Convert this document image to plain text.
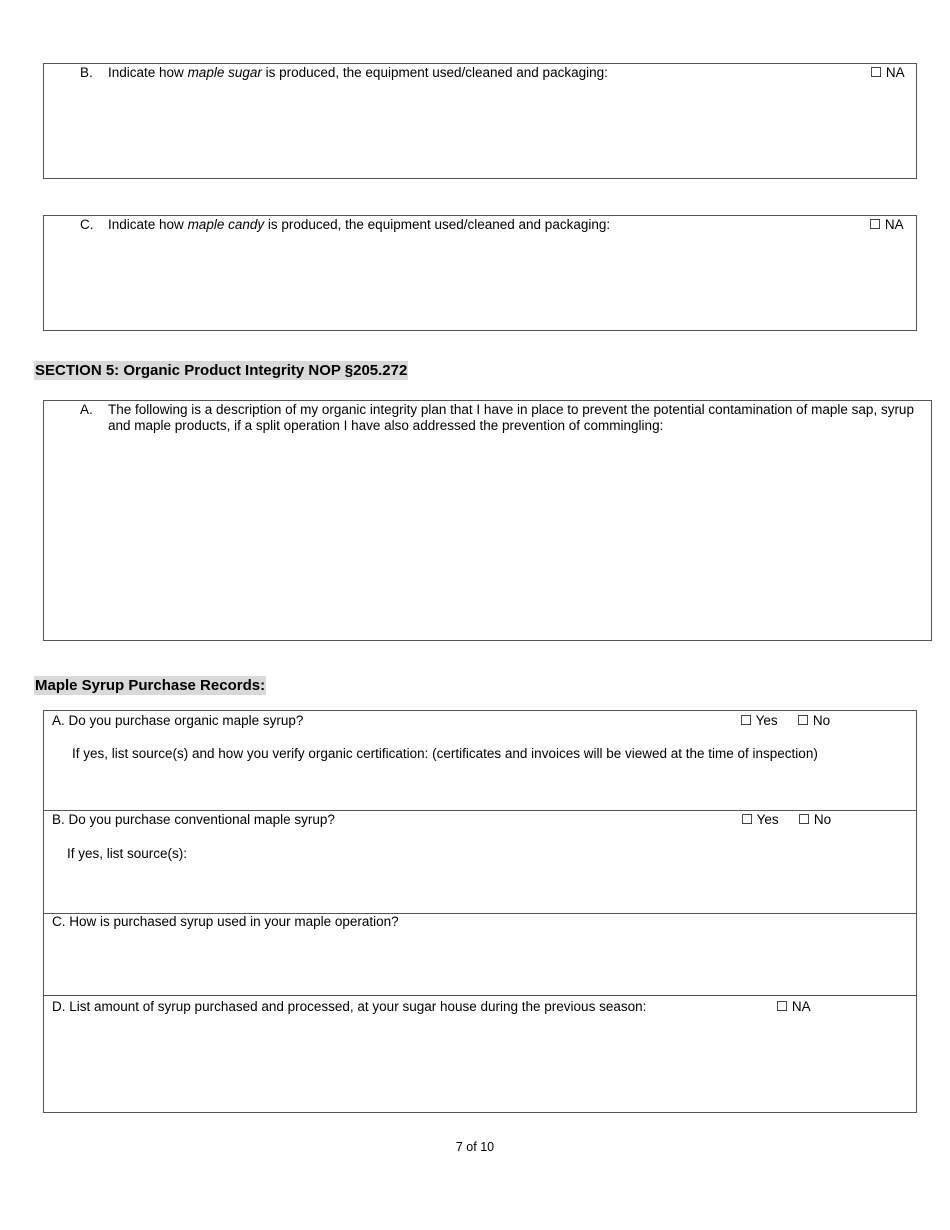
B. Indicate how maple sugar is produced, the equipment used/cleaned and packaging:	☐ NA
C. Indicate how maple candy is produced, the equipment used/cleaned and packaging:	☐ NA
SECTION 5: Organic Product Integrity NOP §205.272
A. The following is a description of my organic integrity plan that I have in place to prevent the potential contamination of maple sap, syrup and maple products, if a split operation I have also addressed the prevention of commingling:
Maple Syrup Purchase Records:
A. Do you purchase organic maple syrup?	☐ Yes ☐ No
If yes, list source(s) and how you verify organic certification: (certificates and invoices will be viewed at the time of inspection)
B. Do you purchase conventional maple syrup?	☐ Yes ☐ No
If yes, list source(s):
C. How is purchased syrup used in your maple operation?
D. List amount of syrup purchased and processed, at your sugar house during the previous season:	☐ NA
7 of 10
